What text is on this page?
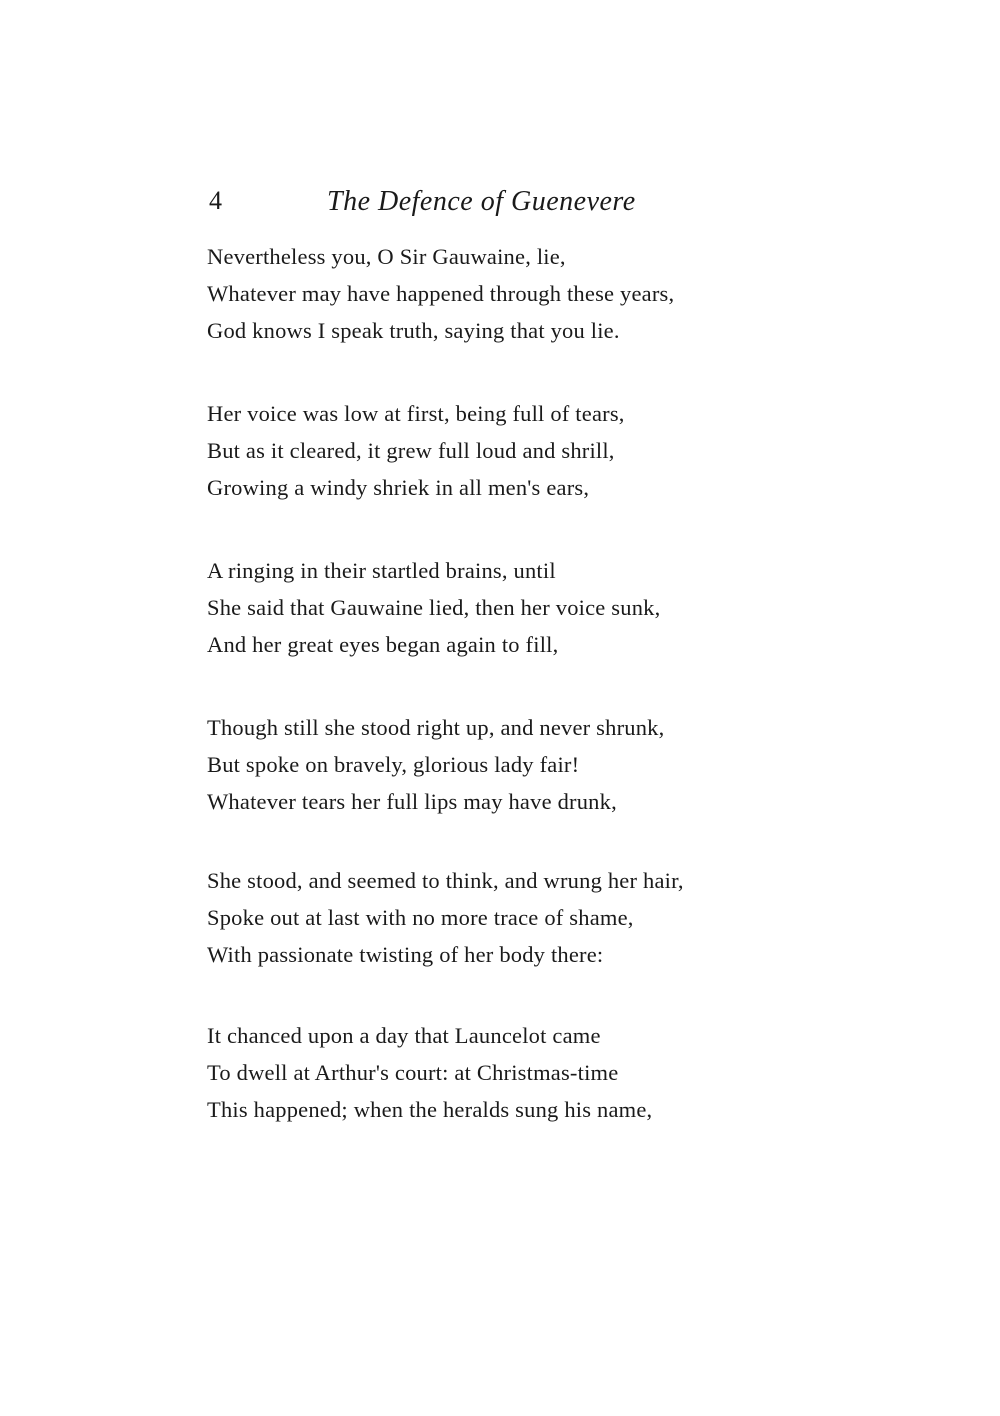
4	The Defence of Guenevere
Nevertheless you, O Sir Gauwaine, lie,
Whatever may have happened through these years,
God knows I speak truth, saying that you lie.
Her voice was low at first, being full of tears,
But as it cleared, it grew full loud and shrill,
Growing a windy shriek in all men's ears,
A ringing in their startled brains, until
She said that Gauwaine lied, then her voice sunk,
And her great eyes began again to fill,
Though still she stood right up, and never shrunk,
But spoke on bravely, glorious lady fair!
Whatever tears her full lips may have drunk,
She stood, and seemed to think, and wrung her hair,
Spoke out at last with no more trace of shame,
With passionate twisting of her body there:
It chanced upon a day that Launcelot came
To dwell at Arthur's court: at Christmas-time
This happened; when the heralds sung his name,
